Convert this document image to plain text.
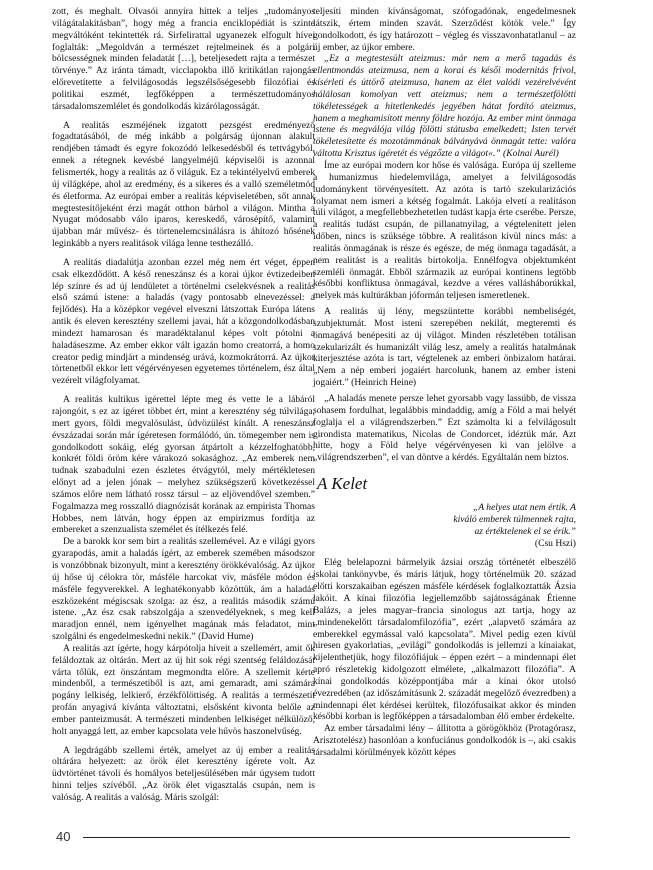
zott, és meghalt. Olvasói annyira hittek a teljes „tudományos világátalakításban”, hogy még a francia enciklopédiát is szinte megváltóként tekintették rá. Sirfelirattal ugyanezek elfogult hívei foglalták: „Megoldván a természet rejtelmeinek és a polgári bölcsességnek minden feladatát […], beteljesedett rajta a természet törvénye.” Az iránta támadt, vicclapokba illő kritikátlan rajongás előrevetítette a felvilágosodás legszélsőségesebb filozófiai és politikai eszmét, legfőképpen a természettudományos társadalomszemlélet és gondolkodás kizárólagosságát.

A realitás eszméjének izgatott pezsgést eredményező fogadtatásából, de még inkább a polgárság újonnan alakult rendjében támadt és egyre fokozódó lelkesedésből és tettvágyból, ennek a rétegnek kevésbé langyelméjű képviselői is azonnal felismerték, hogy a realitás az ő világuk. Ez a tekintélyelvű emberek új világképe, ahol az eredmény, és a sikeres és a valló személetmód és életforma. Az európai ember a realitás képviseletében, sőt annak megtestesítőjeként érzi magát otthon bárhol a világon. Mintha a Nyugat módosabb válo iparos, kereskedő, városépítő, valamint újabban már művész- és törtenelemcsinálásra is áhítozó hősének leginkább a nyers realitások világa lenne testhezálló.

A realitás diadalútja azonban ezzel még nem ért véget, éppen csak elkezdődött. A késő reneszánsz és a korai újkor évtizedeiben lép színre és ad új lendületet a történelmi cselekvésnek a realitás első számú istene: a haladás (vagy pontosabb elnevezéssel: a fejlődés). Ha a középkor vegével elveszni látszottak Európa látens antik és eleven keresztény szellemi javai, hát a közgondolkodásban mindezt hamarosan és maradéktalanul képes volt pótolni a haladáseszme. Az ember ekkor vált igazán homo creatorrá, a homo creator pedig mindjárt a mindenség urává, kozmokrátorrá. Az újkor törtenetből ekkor lett végérvényesen egyetemes történelem, ész által vezérelt világfolyamat.

A realitás kultikus igérettel lépte meg és vette le a lábáról rajongóit, s ez az ígéret többet ért, mint a keresztény ség túlvilága, mert gyors, földi megvalósulást, üdvözülést kínált. A reneszánsz évszázadai során már ígéretesen formálódó, ún. tömegember nem is gondolkodott sokáig, elég gyorsan átpártolt a kézzelfoghatóbb, konkrét földi öröm kére várakozó sokasághoz. „Az emberek nem tudnak szabadulni ezen észletes étvágytól, mely mértékletesen előnyt ad a jelen jónak – melyhez szükségszerű következéssel számos előre nem látható rossz társul – az eljövendővel szemben.” Fogalmazza meg rosszalló diagnózisát korának az empirista Thomas Hobbes, nem látván, hogy éppen az empirizmus fordítja az embereket a szenzualista személet és ítélkezés felé.

De a barokk kor sem birt a realitás szellemével. Az e világi gyors gyarapodás, amit a haladás ígért, az emberek szemében másodszor is vonzóbbnak bizonyult, mint a keresztény örökkévalóság. Az újkor új hőse új célokra tör, másféle harcokat vív, másféle módon és másféle fegyverekkel. A leghatékonyabb közöttük, ám a haladás eszközeként mégiscsak szolga: az ész, a realitás második számú istene. „Az ész csak rabszolgája a szenvedélyeknek, s meg kell maradjon ennél, nem igényelhet magának más feladatot, mint szolgálni és engedelmeskedni nekik.” (David Hume)

A realitás azt ígérte, hogy kárpótolja híveit a szellemért, amit ők feláldoztak az oltárán. Mert az új hit sok régi szentség feláldozását várta tőlük, ezt önszántam megmondta előre. A szellemit kérte mindenből, a természetiből is azt, ami gemaradt, ami számára pogány lelkiség, lelkierő, érzékfölöttiség. A realitás a természetit profán anyagivá kívánta változtatni, elsősként kivonta belőle az ember panteizmusát. A természeti mindenben lelkiséget nélkülöző, holt anyaggá lett, az ember kapcsolata vele hűvös haszonelvűség.

A legdrágább szellemi érték, amelyet az új ember a realitás oltárára helyezett: az örök élet keresztény ígérete volt. Az üdvtörténet távoli és homályos beteljesülésében már úgysem tudott hinni teljes szívéből. „Az örök élet vigasztalás csupán, nem is valóság. A realitás a valóság. Máris szolgál:

teljesíti minden kívánságomat, szófogadónak, engedelmesnek látszik, értem minden szavát. Szerződést kötök vele.” Így gondolkodott, és így határozott – végleg és visszavonhatatlanul – az új ember, az újkor embere.

„Ez a megtestesült ateizmus: már nem a merő tagadás és ellentmondás ateizmusa, nem a korai és késői modernitás frivol, kísérleti és úttörő ateizmusa, hanem az élet valódi vezérelvévént hálálosan komolyan vett ateizmus; nem a természetfölötti tökéletességek a hitetlenkedés jegyében hátat fordító ateizmus, hanem a meghamisított menny földre hozója. Az ember mint önmaga istene és megválója világ fölötti státusba emelkedett; Isten tervét tökéletesítette és mozotámmának bálványává önmagát tette: valóra váltotta Krisztus ígéretét és végzőzte a világot«.” (Kolnai Aurél)

Íme az európai modern kor hőse és valósága. Európa új szelleme a humanizmus hiedelemvilága, amelyet a felvilágosodás tudománykent törvényesített. Az azóta is tartó szekularizációs folyamat nem ismeri a kétség fogalmát. Lakója elvetí a realitáson túli világot, a megfellebbezhetetlen tudást kapja érte cserébe. Persze, a realitás tudást csupán, de pillanatnyilag, a végtelenített jelen időben, nincs is szüksége többre. A realitáson kívül nincs más: a realitás önmagának is része és egésze, de még önmaga tagadását, a nem realitást is a realitás birtokolja. Ennélfogva objektumként szemléli önmagát. Ebből származik az európai kontinens legtöbb későbbi konfliktusa önmagával, kezdve a véres vallásháborúkkal, melyek más kultúrákban jóformán teljesen ismeretlenek.

A realitás új lény, megszüntette korábbi nembeliségét, szubjektumát. Most isteni szerepében nekilát, megteremti és önmagává benépesíti az új világot. Minden részletében totálisan szekularizált és humanizált világ lesz, amely a realitás hatalmának kiterjesztése azóta is tart, végtelenek az emberi önbizalom határai. „Nem a nép emberi jogaiért harcolunk, hanem az ember isteni jogaiért.” (Heinrich Heine)

„A haladás menete persze lehet gyorsabb vagy lassúbb, de vissza sohasem fordulhat, legalábbis mindaddig, amíg a Föld a mai helyét foglalja el a világrendszerben.” Ezt számolta ki a felvilágosult girondista matematikus, Nicolas de Condorcet, idéztük már. Azt hitte, hogy a Föld helye végérvényesen ki van jelölve a „világrendszerben”, el van döntve a kérdés. Egyáltalán nem biztos.

A Kelet
„A helyes utat nem értik. A
kiváló emberek túlmennek rajta,
az értéktelenek el se érik.”
(Csu Hszi)

Elég belelapozni bármelyik ázsiai ország történetét elbeszélő iskolai tankönyvbe, és máris látjuk, hogy történelmük 20. század előtti korszakaiban egészen másféle kérdések foglalkoztatták Ázsia lakóit. A kínai filozófia legjellemzőbb sajátosságának Étienne Balázs, a jeles magyar–francia sinologus azt tartja, hogy az „mindenekelőtt társadalomfilozófia”, ezért „alapvető számára az emberekkel egymással való kapcsolata”. Mivel pedig ezen kívül hiresen gyakorlatias, „evilági” gondolkodás is jellemzi a kínaiakat, kijelenthetjük, hogy filozófiájuk – éppen ezért – a mindennapi élet apró részletekig kidolgozott elmélete, „alkalmazott filozófia”. A kínai gondolkodás középpontjába már a kínai ókor utolsó évezredében (az időszámításunk 2. századát megelőző évezredben) a mindennapi élet kérdései kerültek, filozófusaikat akkor és minden későbbi korban is legfőképpen a társadalomban élő ember érdekelte.

Az ember társadalmi lény – állította a görögökhöz (Protagórasz, Arisztotelész) hasonlóan a konfuciánus gondolkodók is –, aki csakis társadalmi körülmények között képes

40
